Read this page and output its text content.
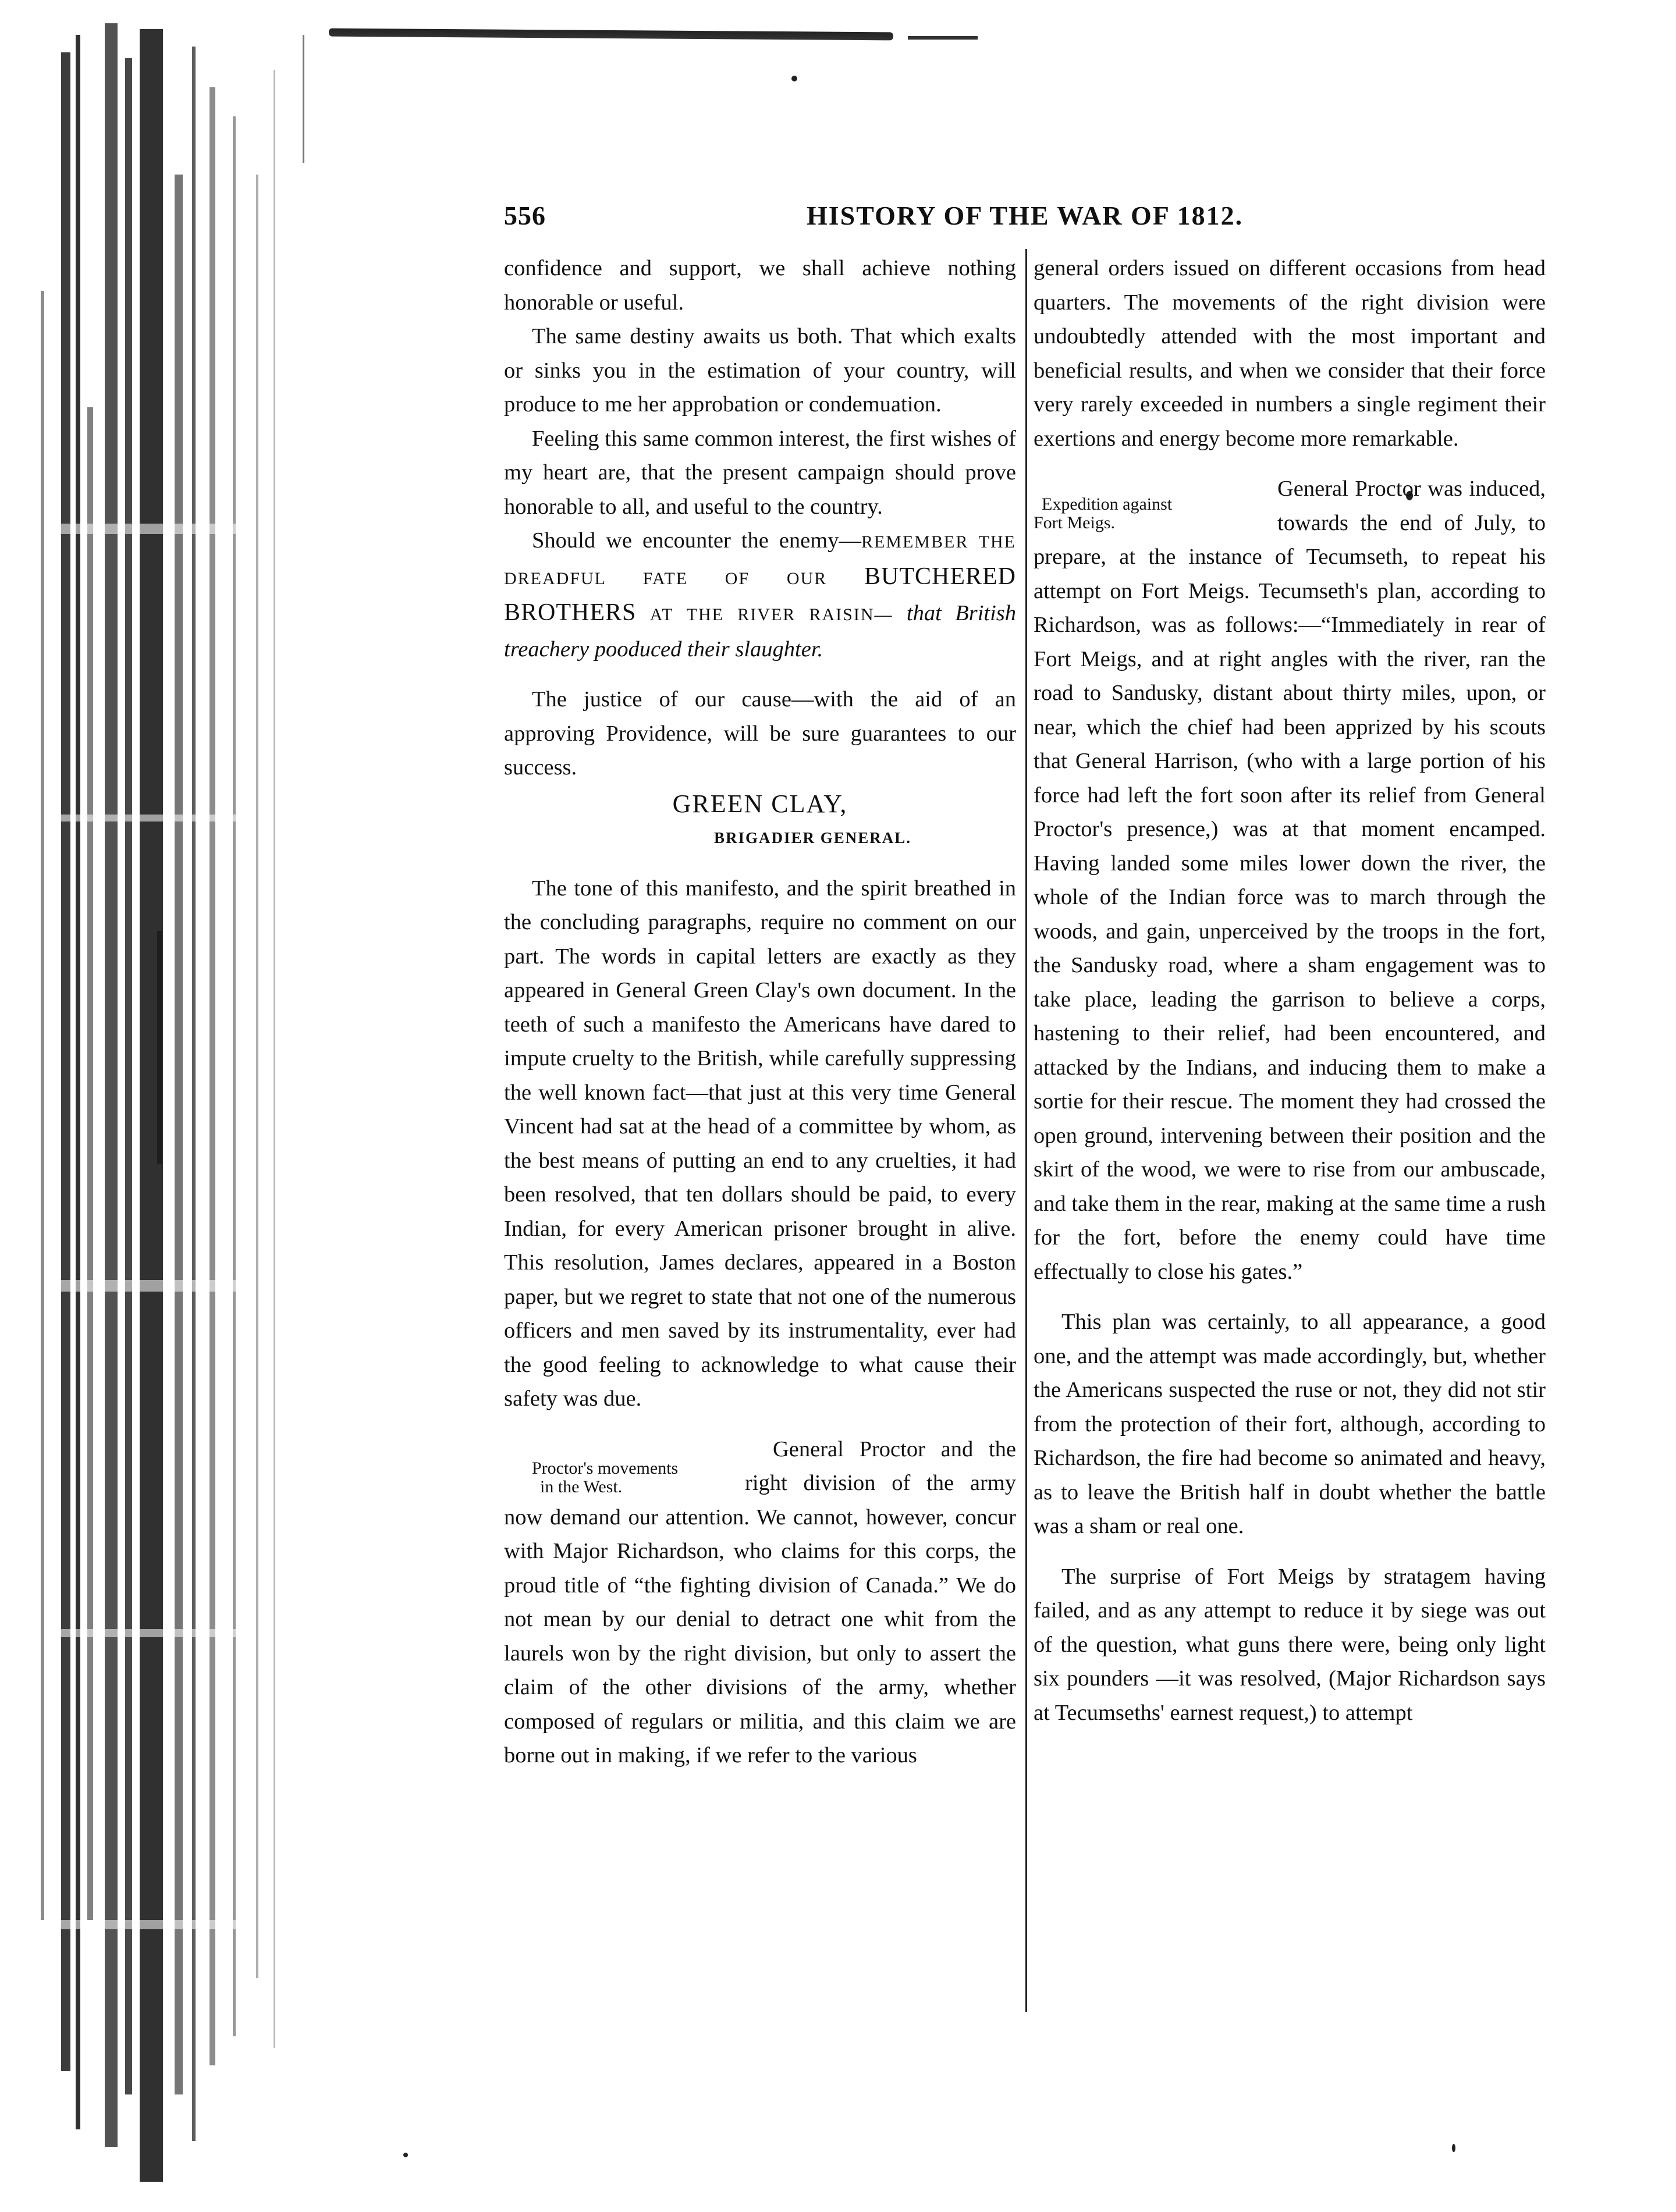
556	HISTORY OF THE WAR OF 1812.

confidence and support, we shall achieve nothing honorable or useful.

The same destiny awaits us both. That which exalts or sinks you in the estimation of your country, will produce to me her approbation or condemuation.

Feeling this same common interest, the first wishes of my heart are, that the present campaign should prove honorable to all, and useful to the country.

Should we encounter the enemy—REMEMBER THE DREADFUL FATE OF OUR BUTCHERED BROTHERS AT THE RIVER RAISIN— that British treachery pooduced their slaughter.

The justice of our cause—with the aid of an approving Providence, will be sure guarantees to our success.

GREEN CLAY,

BRIGADIER GENERAL.

The tone of this manifesto, and the spirit breathed in the concluding paragraphs, require no comment on our part. The words in capital letters are exactly as they appeared in General Green Clay's own document. In the teeth of such a manifesto the Americans have dared to impute cruelty to the British, while carefully suppressing the well known fact—that just at this very time General Vincent had sat at the head of a committee by whom, as the best means of putting an end to any cruelties, it had been resolved, that ten dollars should be paid, to every Indian, for every American prisoner brought in alive. This resolution, James declares, appeared in a Boston paper, but we regret to state that not one of the numerous officers and men saved by its instrumentality, ever had the good feeling to acknowledge to what cause their safety was due.

Proctor's movements
in the West.
General Proctor and the right division of the army now demand our attention. We cannot, however, concur with Major Richardson, who claims for this corps, the proud title of “the fighting division of Canada.” We do not mean by our denial to detract one whit from the laurels won by the right division, but only to assert the claim of the other divisions of the army, whether composed of regulars or militia, and this claim we are borne out in making, if we refer to the various

general orders issued on different occasions from head quarters. The movements of the right division were undoubtedly attended with the most important and beneficial results, and when we consider that their force very rarely exceeded in numbers a single regiment their exertions and energy become more remarkable.

Expedition against
Fort Meigs.
General Proctor was induced, towards the end of July, to prepare, at the instance of Tecumseth, to repeat his attempt on Fort Meigs. Tecumseth's plan, according to Richardson, was as follows:—“Immediately in rear of Fort Meigs, and at right angles with the river, ran the road to Sandusky, distant about thirty miles, upon, or near, which the chief had been apprized by his scouts that General Harrison, (who with a large portion of his force had left the fort soon after its relief from General Proctor's presence,) was at that moment encamped. Having landed some miles lower down the river, the whole of the Indian force was to march through the woods, and gain, unperceived by the troops in the fort, the Sandusky road, where a sham engagement was to take place, leading the garrison to believe a corps, hastening to their relief, had been encountered, and attacked by the Indians, and inducing them to make a sortie for their rescue. The moment they had crossed the open ground, intervening between their position and the skirt of the wood, we were to rise from our ambuscade, and take them in the rear, making at the same time a rush for the fort, before the enemy could have time effectually to close his gates.”

This plan was certainly, to all appearance, a good one, and the attempt was made accordingly, but, whether the Americans suspected the ruse or not, they did not stir from the protection of their fort, although, according to Richardson, the fire had become so animated and heavy, as to leave the British half in doubt whether the battle was a sham or real one.

The surprise of Fort Meigs by stratagem having failed, and as any attempt to reduce it by siege was out of the question, what guns there were, being only light six pounders —it was resolved, (Major Richardson says at Tecumseths' earnest request,) to attempt
